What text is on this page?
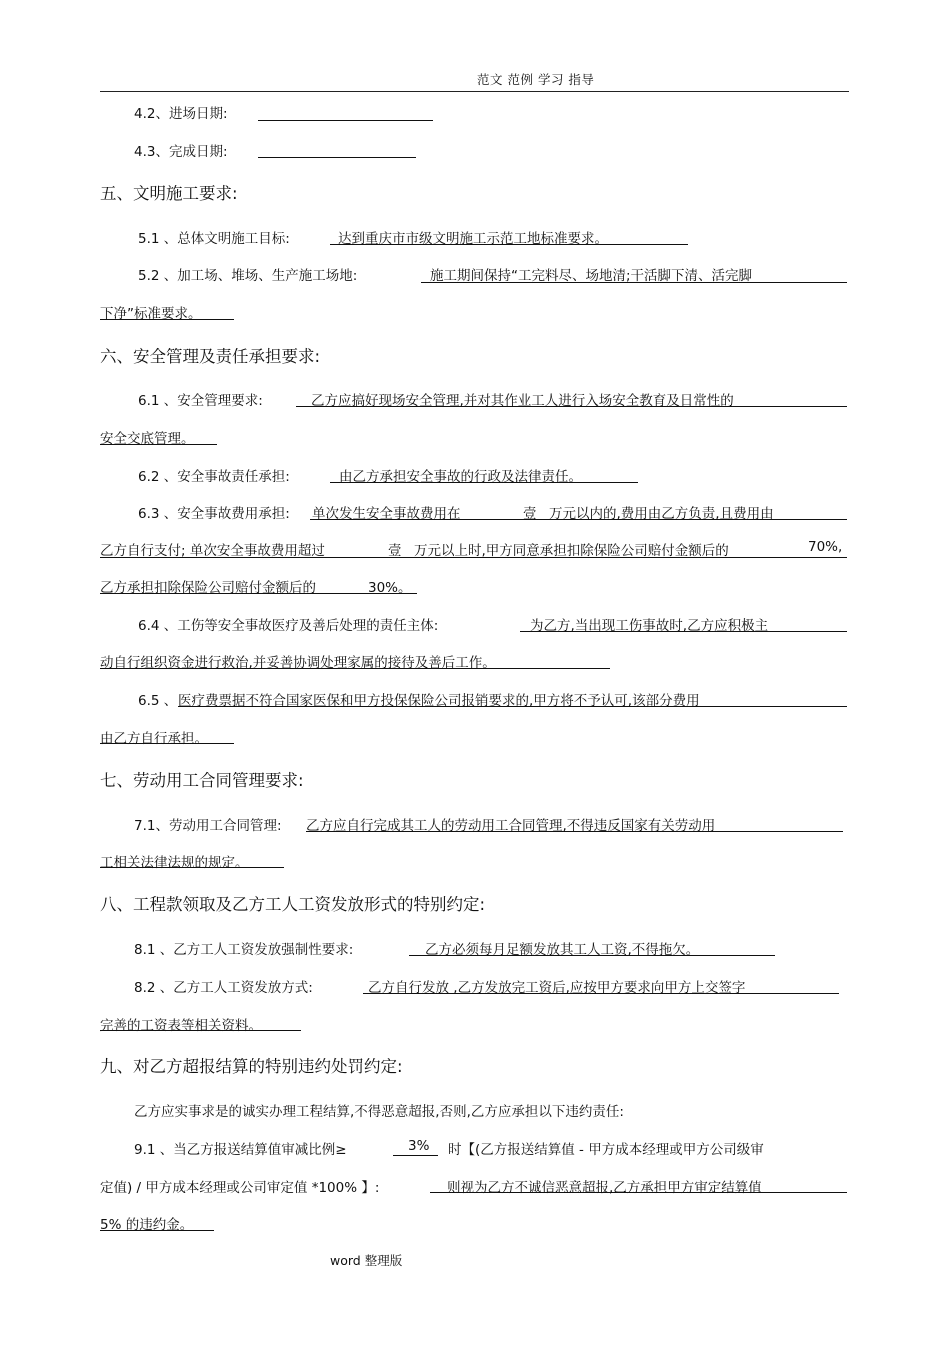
范文 范例 学习 指导
4.2、进场日期:
4.3、完成日期:
五、文明施工要求:
5.1 、总体文明施工目标:	达到重庆市市级文明施工示范工地标准要求。
5.2 、加工场、堆场、生产施工场地:	施工期间保持“工完料尽、场地清;干活脚下清、活完脚
下净”标准要求。
六、安全管理及责任承担要求:
6.1 、安全管理要求:	乙方应搞好现场安全管理,并对其作业工人进行入场安全教育及日常性的
安全交底管理。
6.2 、安全事故责任承担:	由乙方承担安全事故的行政及法律责任。
6.3 、安全事故费用承担: 单次发生安全事故费用在	壹 万元以内的,费用由乙方负责,且费用由
乙方自行支付; 单次安全事故费用超过	壹 万元以上时,甲方同意承担扣除保险公司赔付金额后的	70%,
乙方承担扣除保险公司赔付金额后的	30%。
6.4 、工伤等安全事故医疗及善后处理的责任主体:	为乙方,当出现工伤事故时,乙方应积极主
动自行组织资金进行救治,并妥善协调处理家属的接待及善后工作。
6.5 、 医疗费票据不符合国家医保和甲方投保保险公司报销要求的,甲方将不予认可,该部分费用
由乙方自行承担。
七、劳动用工合同管理要求:
7.1、劳动用工合同管理: 乙方应自行完成其工人的劳动用工合同管理,不得违反国家有关劳动用
工相关法律法规的规定。
八、工程款领取及乙方工人工资发放形式的特别约定:
8.1 、乙方工人工资发放强制性要求:	乙方必须每月足额发放其工人工资,不得拖欠。
8.2 、乙方工人工资发放方式:	乙方自行发放 ,乙方发放完工资后,应按甲方要求向甲方上交签字
完善的工资表等相关资料。
九、对乙方超报结算的特别违约处罚约定:
乙方应实事求是的诚实办理工程结算,不得恶意超报,否则,乙方应承担以下违约责任:
9.1 、当乙方报送结算值审减比例≥	3% 时【(乙方报送结算值 - 甲方成本经理或甲方公司级审
定值) / 甲方成本经理或公司审定值 *100% 】:	则视为乙方不诚信恶意超报,乙方承担甲方审定结算值
5% 的违约金。
word 整理版
